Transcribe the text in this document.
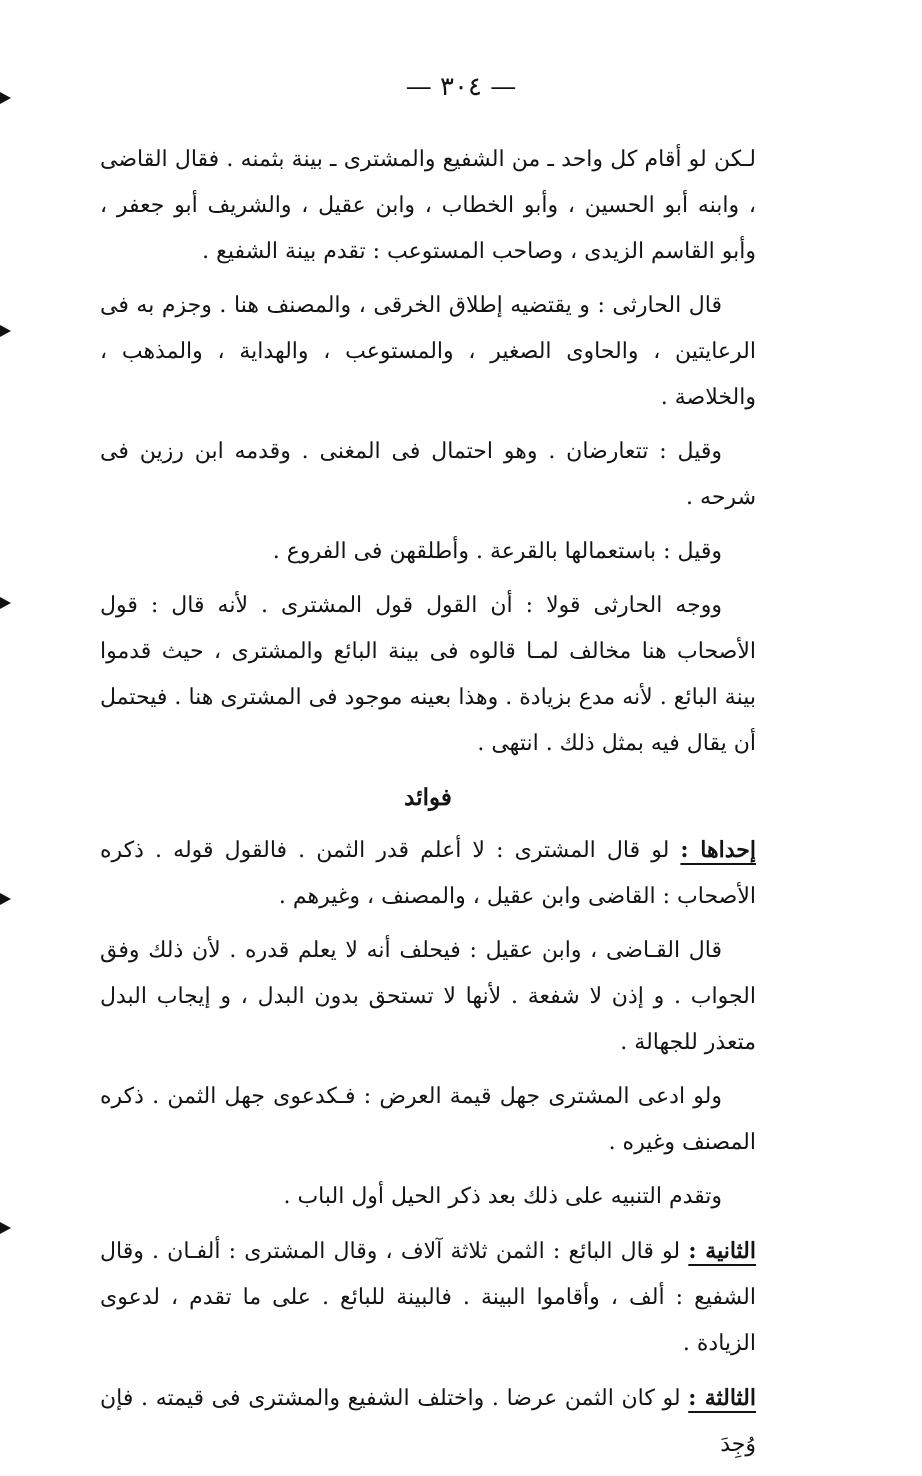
— ٣٠٤ —

لـكن لو أقام كل واحد ـ من الشفيع والمشترى ـ بينة بثمنه . فقال القاضى ، وابنه أبو الحسين ، وأبو الخطاب ، وابن عقيل ، والشريف أبو جعفر ، وأبو القاسم الزيدى ، وصاحب المستوعب : تقدم بينة الشفيع .

قال الحارثى : و يقتضيه إطلاق الخرقى ، والمصنف هنا . وجزم به فى الرعايتين ، والحاوى الصغير ، والمستوعب ، والهداية ، والمذهب ، والخلاصة .

وقيل : تتعارضان . وهو احتمال فى المغنى . وقدمه ابن رزين فى شرحه .

وقيل : باستعمالها بالقرعة . وأطلقهن فى الفروع .

ووجه الحارثى قولا : أن القول قول المشترى . لأنه قال : قول الأصحاب هنا مخالف لمـا قالوه فى بينة البائع والمشترى ، حيث قدموا بينة البائع . لأنه مدع بزيادة . وهذا بعينه موجود فى المشترى هنا . فيحتمل أن يقال فيه بمثل ذلك . انتهى .

فوائد

إحداها : لو قال المشترى : لا أعلم قدر الثمن . فالقول قوله . ذكره الأصحاب : القاضى وابن عقيل ، والمصنف ، وغيرهم .

قال القـاضى ، وابن عقيل : فيحلف أنه لا يعلم قدره . لأن ذلك وفق الجواب . و إذن لا شفعة . لأنها لا تستحق بدون البدل ، و إيجاب البدل متعذر للجهالة .

ولو ادعى المشترى جهل قيمة العرض : فـكدعوى جهل الثمن . ذكره المصنف وغيره .

وتقدم التنبيه على ذلك بعد ذكر الحيل أول الباب .

الثانية : لو قال البائع : الثمن ثلاثة آلاف ، وقال المشترى : ألفـان . وقال الشفيع : ألف ، وأقاموا البينة . فالبينة للبائع . على ما تقدم ، لدعوى الزيادة .

الثالثة : لو كان الثمن عرضا . واختلف الشفيع والمشترى فى قيمته . فإن وُجِدَ
